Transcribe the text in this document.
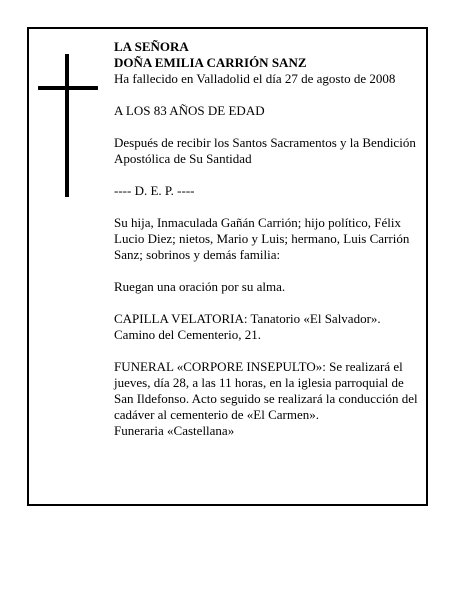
LA SEÑORA
DOÑA EMILIA CARRIÓN SANZ
Ha fallecido en Valladolid el día 27 de agosto de 2008

A LOS 83 AÑOS DE EDAD

Después de recibir los Santos Sacramentos y la Bendición Apostólica de Su Santidad

---- D. E. P. ----

Su hija, Inmaculada Gañán Carrión; hijo político, Félix Lucio Diez; nietos, Mario y Luis; hermano, Luis Carrión Sanz; sobrinos y demás familia:

Ruegan una oración por su alma.

CAPILLA VELATORIA: Tanatorio «El Salvador». Camino del Cementerio, 21.

FUNERAL «CORPORE INSEPULTO»: Se realizará el jueves, día 28, a las 11 horas, en la iglesia parroquial de San Ildefonso. Acto seguido se realizará la conducción del cadáver al cementerio de «El Carmen».
Funeraria «Castellana»
